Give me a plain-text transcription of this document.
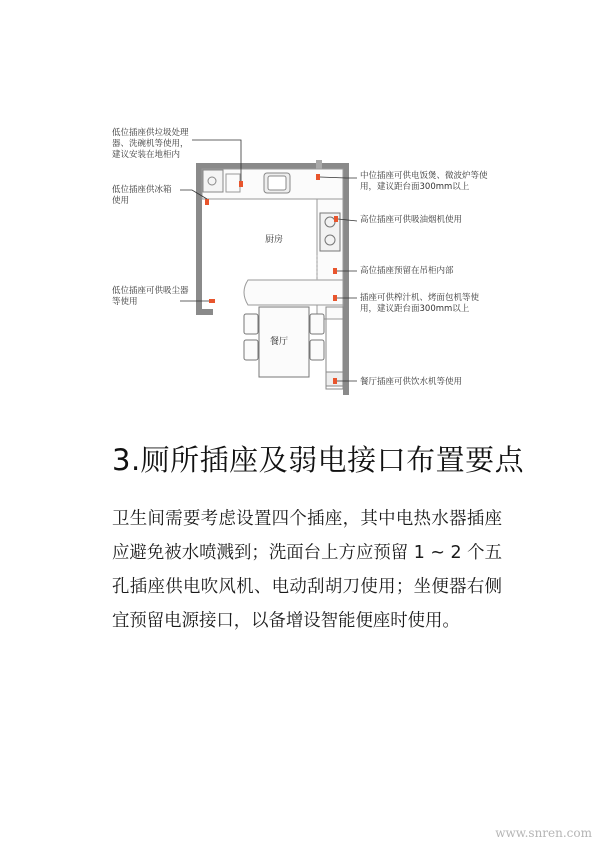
低位插座供垃圾处理
器、洗碗机等使用，
建议安装在地柜内
低位插座供冰箱
使用
低位插座可供吸尘器
等使用
中位插座可供电饭煲、微波炉等使
用，建议距台面300mm以上
高位插座可供吸油烟机使用
高位插座预留在吊柜内部
插座可供榨汁机、烤面包机等使
用，建议距台面300mm以上
餐厅插座可供饮水机等使用
厨房
餐厅
3.厕所插座及弱电接口布置要点

卫生间需要考虑设置四个插座，其中电热水器插座应避免被水喷溅到；洗面台上方应预留 1 ~ 2 个五孔插座供电吹风机、电动刮胡刀使用；坐便器右侧宜预留电源接口，以备增设智能便座时使用。

www.snren.com
